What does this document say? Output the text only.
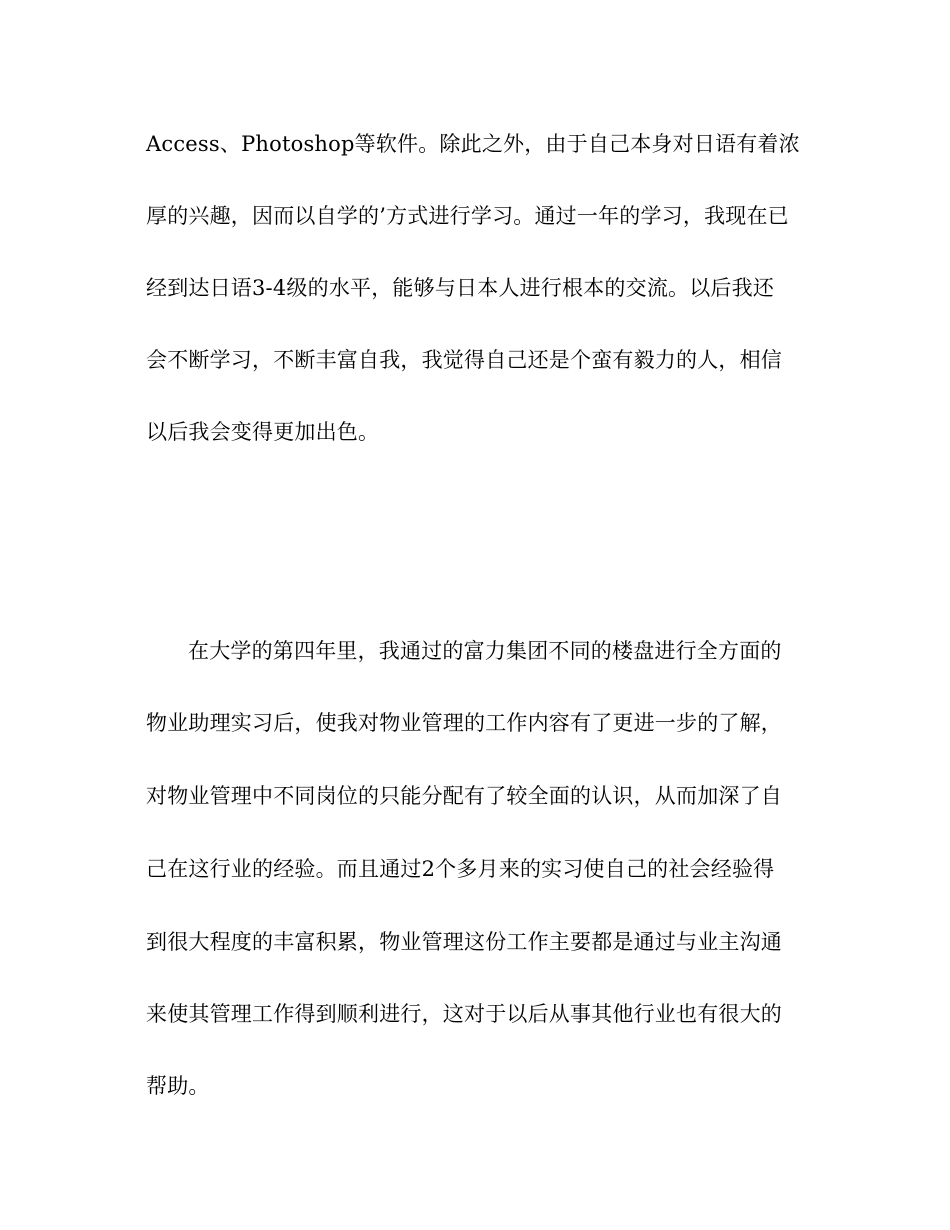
Access、Photoshop等软件。除此之外，由于自己本身对日语有着浓
厚的兴趣，因而以自学的’方式进行学习。通过一年的学习，我现在已
经到达日语3-4级的水平，能够与日本人进行根本的交流。以后我还
会不断学习，不断丰富自我，我觉得自己还是个蛮有毅力的人，相信
以后我会变得更加出色。
在大学的第四年里，我通过的富力集团不同的楼盘进行全方面的
物业助理实习后，使我对物业管理的工作内容有了更进一步的了解，
对物业管理中不同岗位的只能分配有了较全面的认识，从而加深了自
己在这行业的经验。而且通过2个多月来的实习使自己的社会经验得
到很大程度的丰富积累，物业管理这份工作主要都是通过与业主沟通
来使其管理工作得到顺利进行，这对于以后从事其他行业也有很大的
帮助。
